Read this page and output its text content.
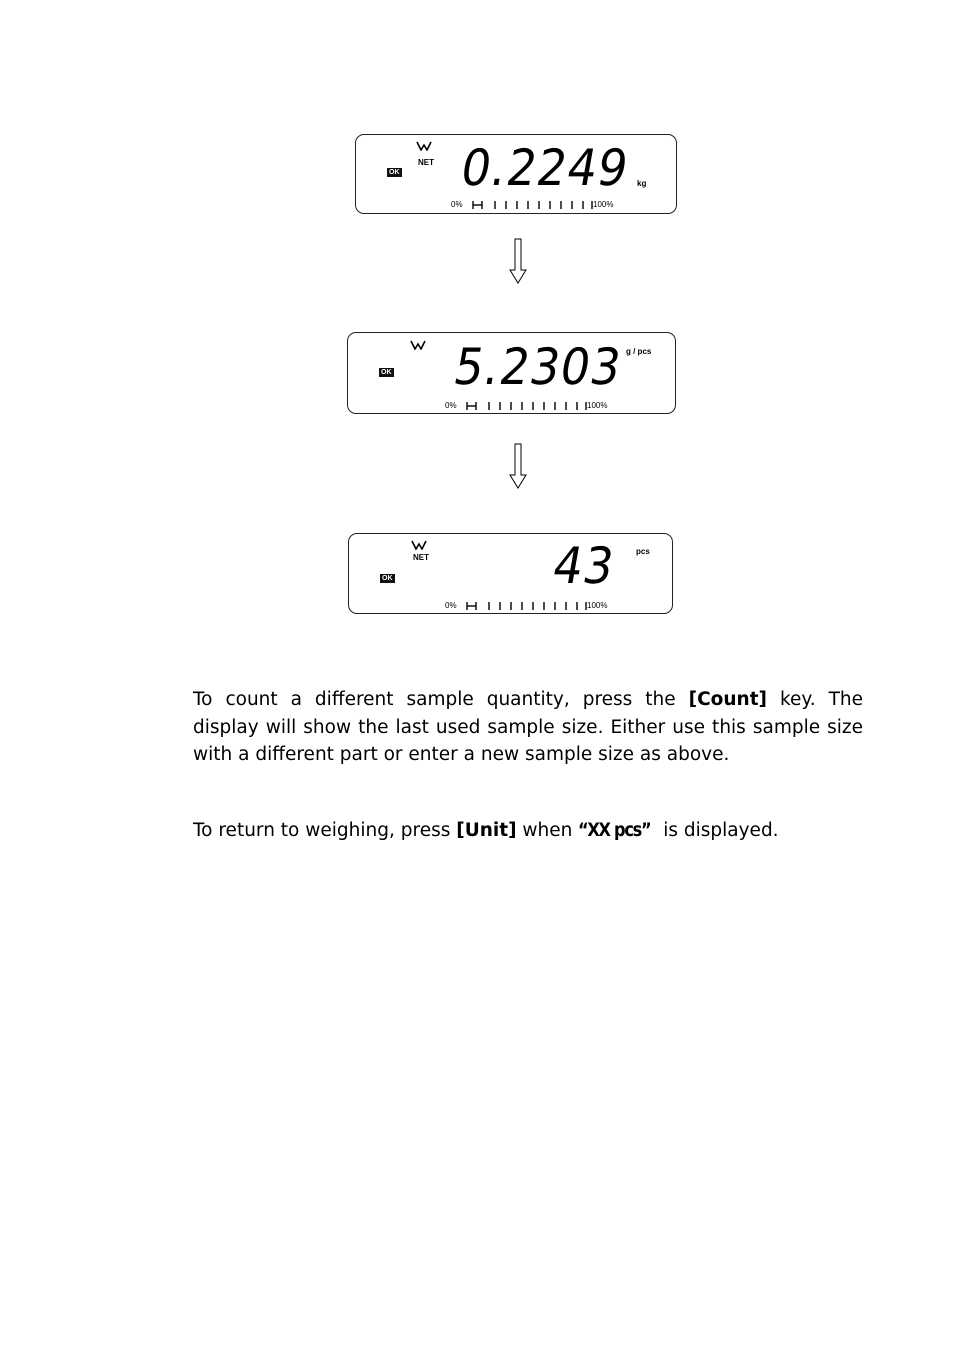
NET
OK 0.2249 kg
0%	100%
OK 5.2303 g / pcs
0%	100%
NET
OK	43 pcs
0%	100%

To count a different sample quantity, press the [Count] key. The display will show the last used sample size. Either use this sample size with a different part or enter a new sample size as above.

To return to weighing, press [Unit] when “XX pcs” is displayed.
